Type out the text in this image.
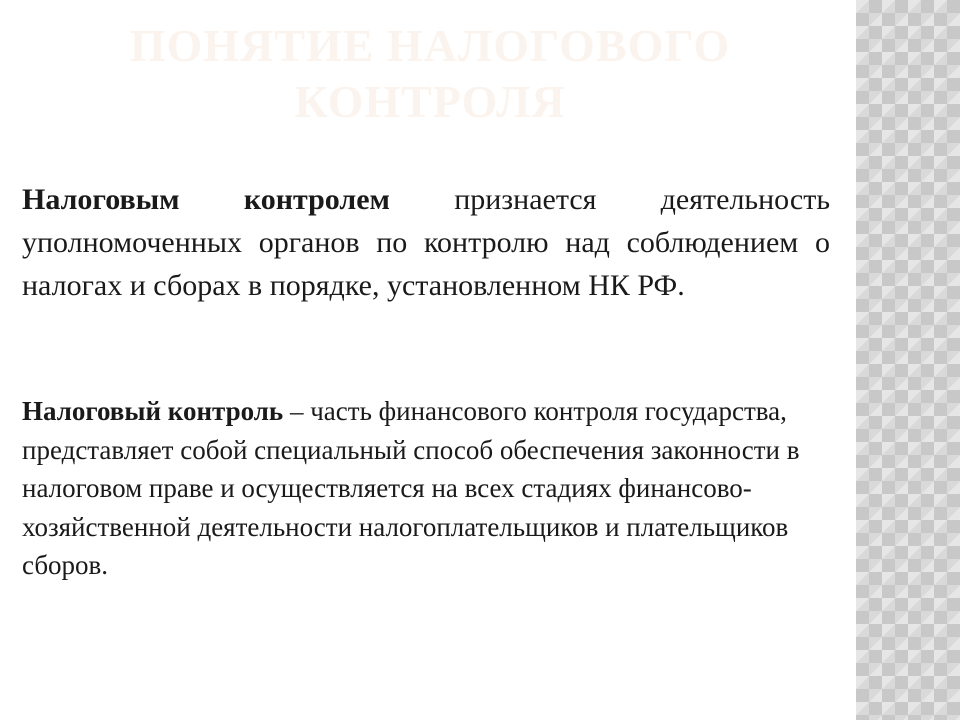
ПОНЯТИЕ НАЛОГОВОГО КОНТРОЛЯ

Налоговым контролем признается деятельность уполномоченных органов по контролю над соблюдением о налогах и сборах в порядке, установленном НК РФ.

Налоговый контроль – часть финансового контроля государства, представляет собой специальный способ обеспечения законности в налоговом праве и осуществляется на всех стадиях финансово-хозяйственной деятельности налогоплательщиков и плательщиков сборов.
